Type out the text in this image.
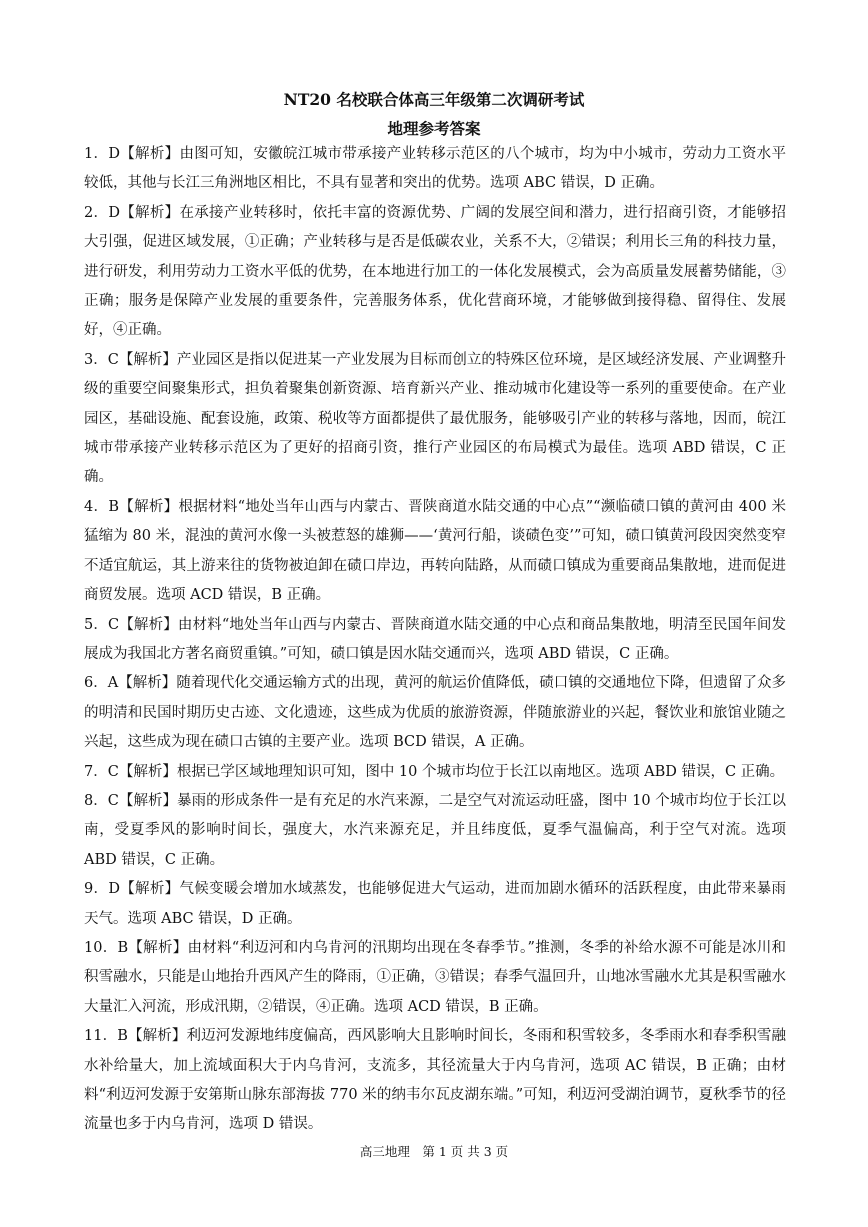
NT20 名校联合体高三年级第二次调研考试
地理参考答案

1．D【解析】由图可知，安徽皖江城市带承接产业转移示范区的八个城市，均为中小城市，劳动力工资水平较低，其他与长江三角洲地区相比，不具有显著和突出的优势。选项 ABC 错误，D 正确。

2．D【解析】在承接产业转移时，依托丰富的资源优势、广阔的发展空间和潜力，进行招商引资，才能够招大引强，促进区域发展，①正确；产业转移与是否是低碳农业，关系不大，②错误；利用长三角的科技力量，进行研发，利用劳动力工资水平低的优势，在本地进行加工的一体化发展模式，会为高质量发展蓄势储能，③正确；服务是保障产业发展的重要条件，完善服务体系，优化营商环境，才能够做到接得稳、留得住、发展好，④正确。

3．C【解析】产业园区是指以促进某一产业发展为目标而创立的特殊区位环境，是区域经济发展、产业调整升级的重要空间聚集形式，担负着聚集创新资源、培育新兴产业、推动城市化建设等一系列的重要使命。在产业园区，基础设施、配套设施，政策、税收等方面都提供了最优服务，能够吸引产业的转移与落地，因而，皖江城市带承接产业转移示范区为了更好的招商引资，推行产业园区的布局模式为最佳。选项 ABD 错误，C 正确。

4．B【解析】根据材料“地处当年山西与内蒙古、晋陕商道水陆交通的中心点”“濒临碛口镇的黄河由 400 米猛缩为 80 米，混浊的黄河水像一头被惹怒的雄狮——‘黄河行船，谈碛色变’”可知，碛口镇黄河段因突然变窄不适宜航运，其上游来往的货物被迫卸在碛口岸边，再转向陆路，从而碛口镇成为重要商品集散地，进而促进商贸发展。选项 ACD 错误，B 正确。

5．C【解析】由材料“地处当年山西与内蒙古、晋陕商道水陆交通的中心点和商品集散地，明清至民国年间发展成为我国北方著名商贸重镇。”可知，碛口镇是因水陆交通而兴，选项 ABD 错误，C 正确。

6．A【解析】随着现代化交通运输方式的出现，黄河的航运价值降低，碛口镇的交通地位下降，但遗留了众多的明清和民国时期历史古迹、文化遗迹，这些成为优质的旅游资源，伴随旅游业的兴起，餐饮业和旅馆业随之兴起，这些成为现在碛口古镇的主要产业。选项 BCD 错误，A 正确。

7．C【解析】根据已学区域地理知识可知，图中 10 个城市均位于长江以南地区。选项 ABD 错误，C 正确。

8．C【解析】暴雨的形成条件一是有充足的水汽来源，二是空气对流运动旺盛，图中 10 个城市均位于长江以南，受夏季风的影响时间长，强度大，水汽来源充足，并且纬度低，夏季气温偏高，利于空气对流。选项 ABD 错误，C 正确。

9．D【解析】气候变暖会增加水域蒸发，也能够促进大气运动，进而加剧水循环的活跃程度，由此带来暴雨天气。选项 ABC 错误，D 正确。

10．B【解析】由材料“利迈河和内乌肯河的汛期均出现在冬春季节。”推测，冬季的补给水源不可能是冰川和积雪融水，只能是山地抬升西风产生的降雨，①正确，③错误；春季气温回升，山地冰雪融水尤其是积雪融水大量汇入河流，形成汛期，②错误，④正确。选项 ACD 错误，B 正确。

11．B【解析】利迈河发源地纬度偏高，西风影响大且影响时间长，冬雨和积雪较多，冬季雨水和春季积雪融水补给量大，加上流域面积大于内乌肯河，支流多，其径流量大于内乌肯河，选项 AC 错误，B 正确；由材料“利迈河发源于安第斯山脉东部海拔 770 米的纳韦尔瓦皮湖东端。”可知，利迈河受湖泊调节，夏秋季节的径流量也多于内乌肯河，选项 D 错误。

高三地理　第 1 页 共 3 页
